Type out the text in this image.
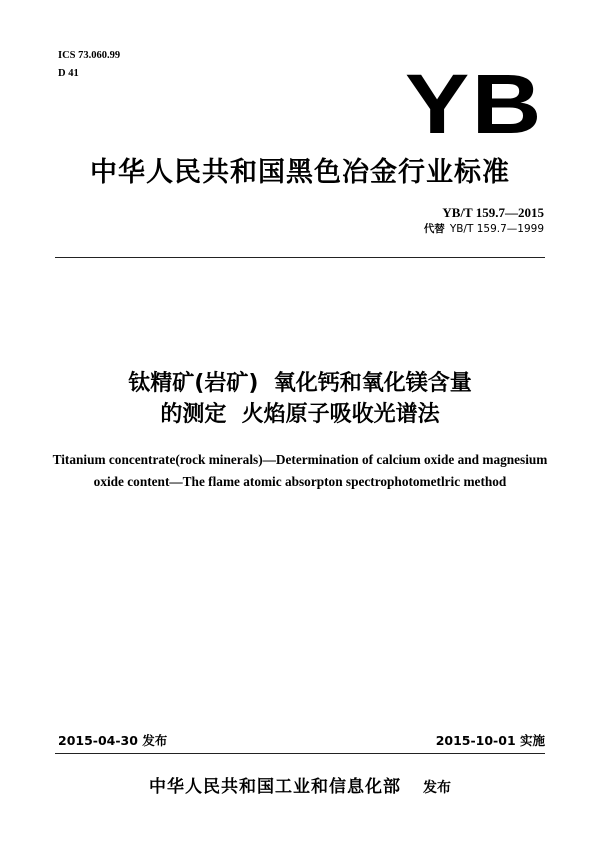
ICS 73.060.99
D 41	YB
中华人民共和国黑色冶金行业标准
YB/T 159.7—2015
代替 YB/T 159.7—1999
钛精矿(岩矿)  氧化钙和氧化镁含量
的测定  火焰原子吸收光谱法
Titanium concentrate(rock minerals)—Determination of calcium oxide and magnesium
oxide content—The flame atomic absorpton spectrophotometlric method
2015-04-30 发布	2015-10-01 实施
中华人民共和国工业和信息化部 发布
